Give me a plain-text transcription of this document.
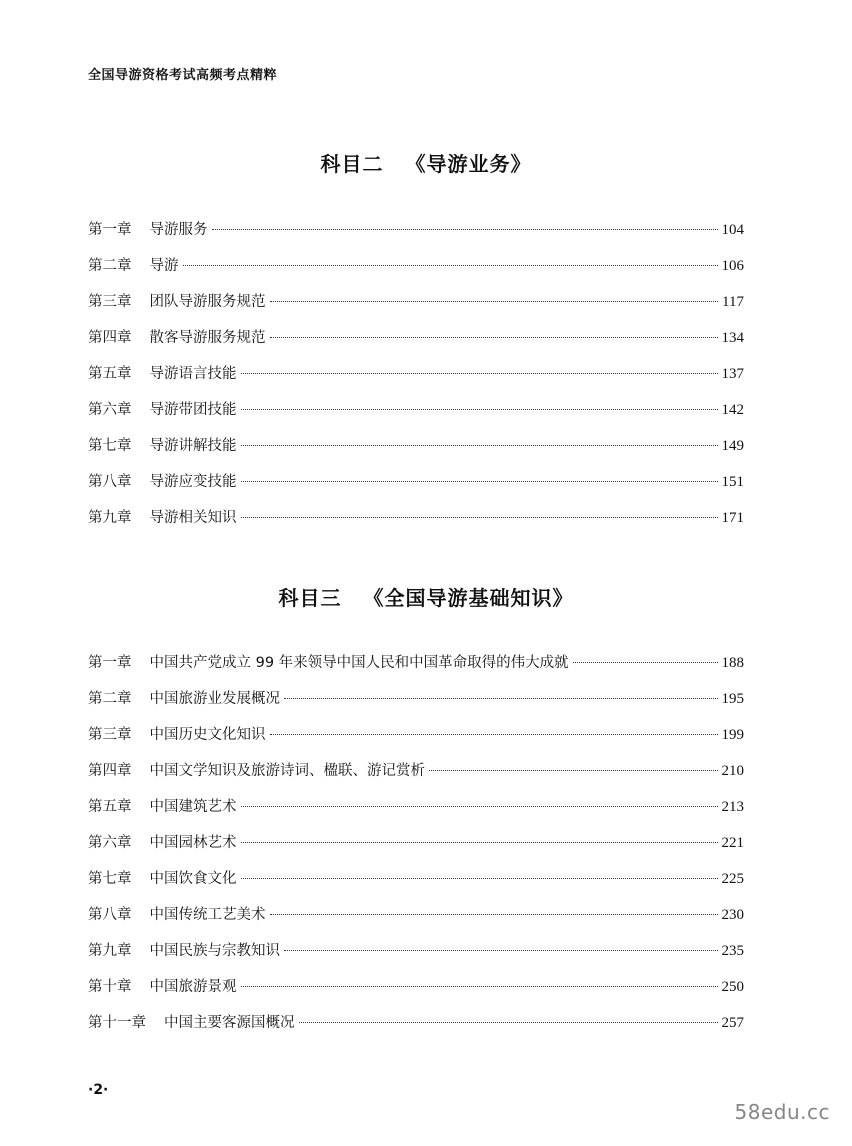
全国导游资格考试高频考点精粹
科目二 《导游业务》
第一章 导游服务	104
第二章 导游	106
第三章 团队导游服务规范	117
第四章 散客导游服务规范	134
第五章 导游语言技能	137
第六章 导游带团技能	142
第七章 导游讲解技能	149
第八章 导游应变技能	151
第九章 导游相关知识	171
科目三 《全国导游基础知识》
第一章 中国共产党成立 99 年来领导中国人民和中国革命取得的伟大成就	188
第二章 中国旅游业发展概况	195
第三章 中国历史文化知识	199
第四章 中国文学知识及旅游诗词、楹联、游记赏析	210
第五章 中国建筑艺术	213
第六章 中国园林艺术	221
第七章 中国饮食文化	225
第八章 中国传统工艺美术	230
第九章 中国民族与宗教知识	235
第十章 中国旅游景观	250
第十一章 中国主要客源国概况	257
·2·
58edu.cc
